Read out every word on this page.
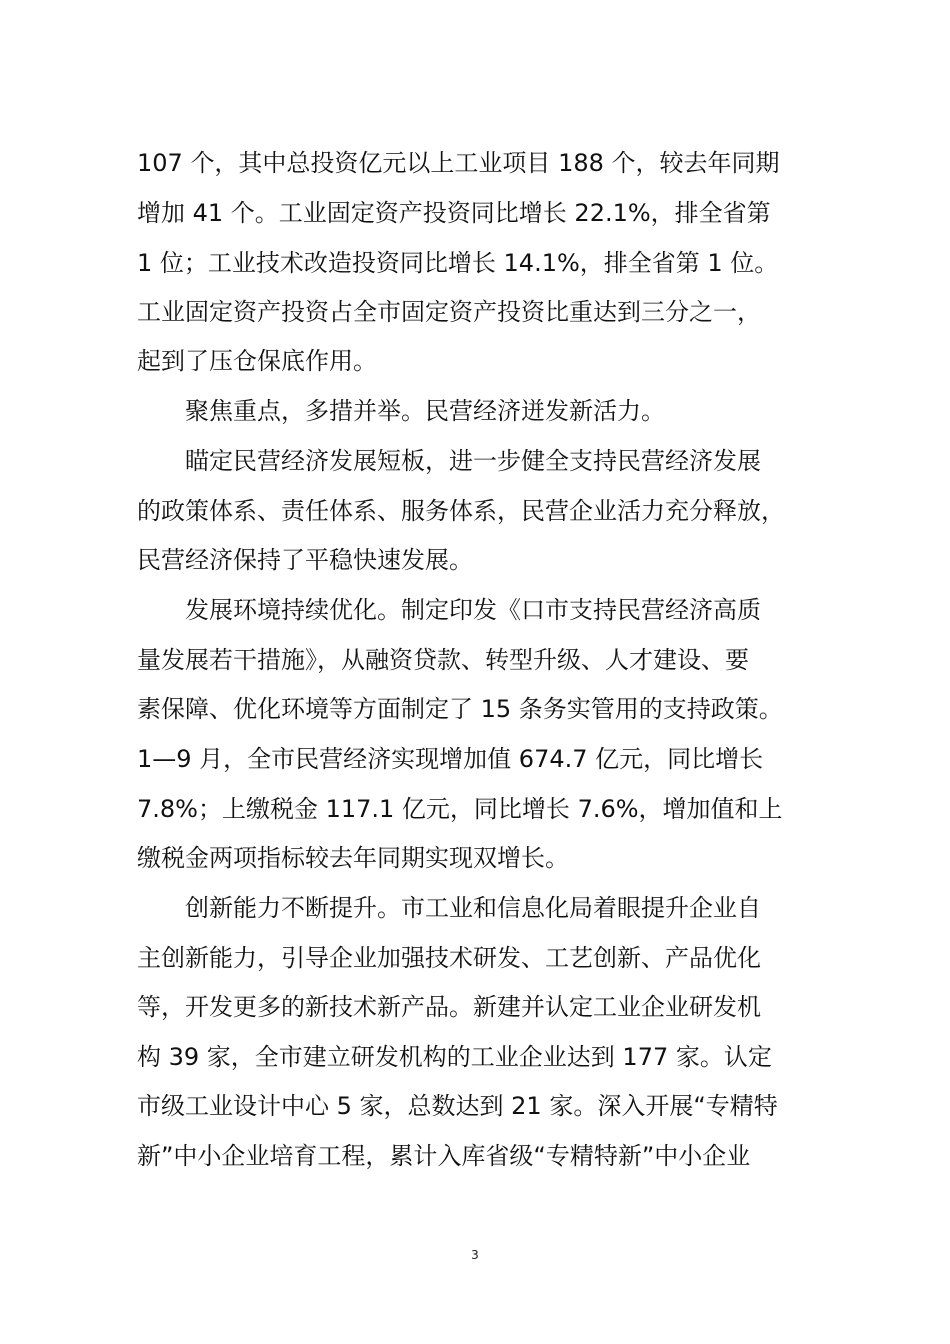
107 个，其中总投资亿元以上工业项目 188 个，较去年同期

增加 41 个。工业固定资产投资同比增长 22.1%，排全省第

1 位；工业技术改造投资同比增长 14.1%，排全省第 1 位。

工业固定资产投资占全市固定资产投资比重达到三分之一，

起到了压仓保底作用。

聚焦重点，多措并举。民营经济迸发新活力。

瞄定民营经济发展短板，进一步健全支持民营经济发展

的政策体系、责任体系、服务体系，民营企业活力充分释放，

民营经济保持了平稳快速发展。

发展环境持续优化。制定印发《口市支持民营经济高质

量发展若干措施》，从融资贷款、转型升级、人才建设、要

素保障、优化环境等方面制定了 15 条务实管用的支持政策。

1—9 月，全市民营经济实现增加值 674.7 亿元，同比增长

7.8%；上缴税金 117.1 亿元，同比增长 7.6%，增加值和上

缴税金两项指标较去年同期实现双增长。

创新能力不断提升。市工业和信息化局着眼提升企业自

主创新能力，引导企业加强技术研发、工艺创新、产品优化

等，开发更多的新技术新产品。新建并认定工业企业研发机

构 39 家，全市建立研发机构的工业企业达到 177 家。认定

市级工业设计中心 5 家，总数达到 21 家。深入开展“专精特

新”中小企业培育工程，累计入库省级“专精特新”中小企业

3
